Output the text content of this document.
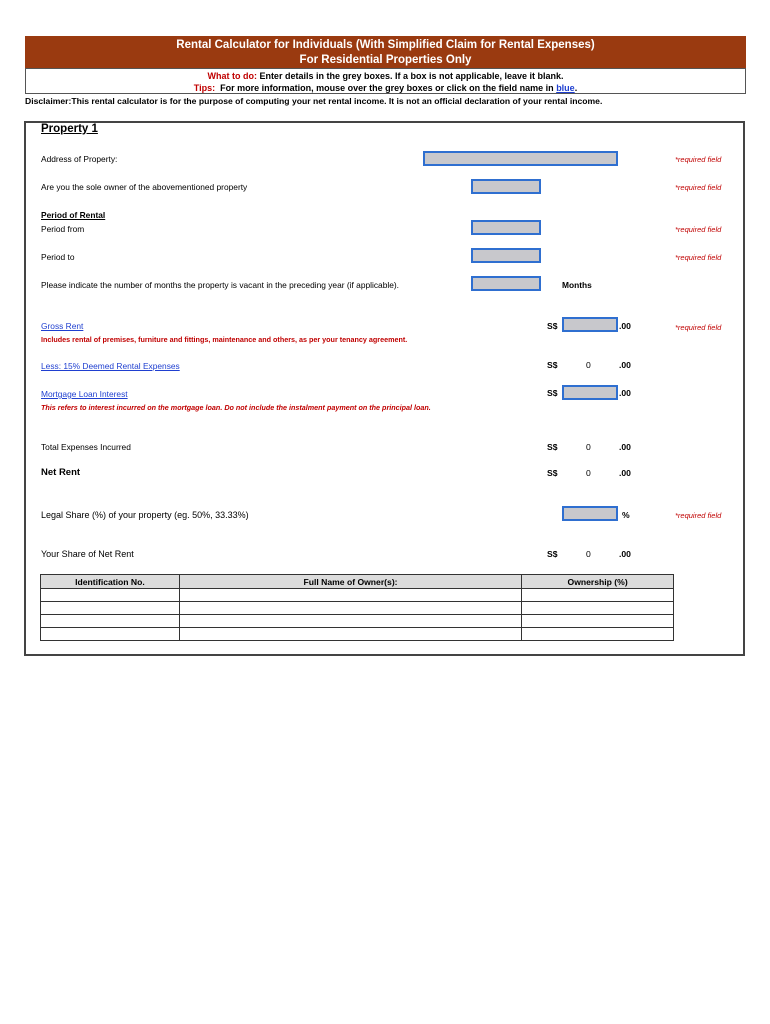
Rental Calculator for Individuals (With Simplified Claim for Rental Expenses)
For Residential Properties Only
What to do: Enter details in the grey boxes. If a box is not applicable, leave it blank.
Tips:  For more information, mouse over the grey boxes or click on the field name in blue.
Disclaimer:This rental calculator is for the purpose of computing your net rental income. It is not an official declaration of your rental income.
Property 1
Address of Property:	*required field
Are you the sole owner of the abovementioned property	*required field
Period of Rental
Period from	*required field
Period to	*required field
Please indicate the number of months the property is vacant in the preceding year (if applicable).	Months
Gross Rent	S$	.00	*required field
Includes rental of premises, furniture and fittings, maintenance and others, as per your tenancy agreement.
Less: 15% Deemed Rental Expenses	S$	0	.00
Mortgage Loan Interest	S$	.00
This refers to interest incurred on the mortgage loan. Do not include the instalment payment on the principal loan.
Total Expenses Incurred	S$	0	.00
Net Rent	S$	0	.00
Legal Share (%) of your property (eg. 50%, 33.33%)	%	*required field
Your Share of Net Rent	S$	0	.00
Identification No.	Full Name of Owner(s):	Ownership (%)
